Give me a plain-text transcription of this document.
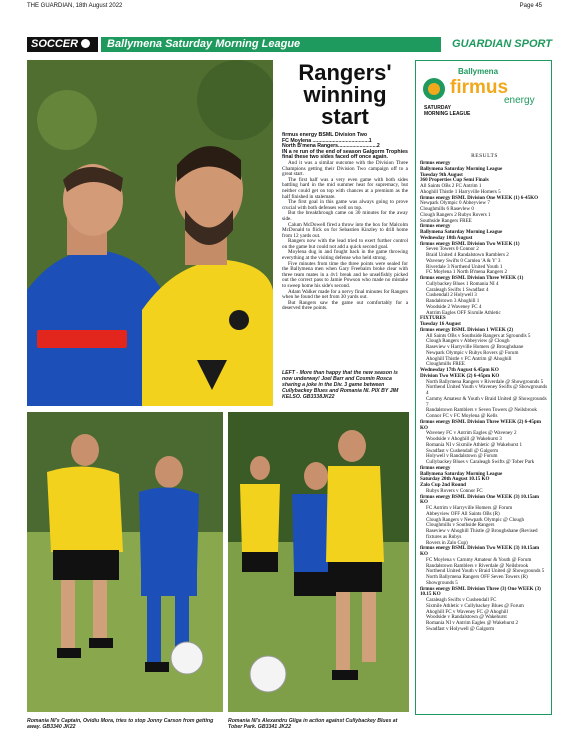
THE GUARDIAN, 18th August 2022	Page 45
SOCCER	Ballymena Saturday Morning League	GUARDIAN SPORT
Rangers' winning start

firmus energy BSML Division Two

FC Moylena .......................................1

North B'mena Rangers...........................2

IN a re run of the end of season Galgorm Trophies final these two sides faced off once again.

And it was a similar outcome with the Division Three Champions getting their Division Two campaign off to a great start.

The first half was a very even game with both sides battling hard in the mid summer heat for supremacy, but neither could get on top with chances at a premium as the half finished in stalemate.

The first goal in this game was always going to prove crucial with both defenses well on top.

But the breakthrough came on 30 minutes for the away side.

Calum McDowell fired a throw into the box for Malcolm McDonald to flick on for Sebastien Kinzley to drill home from 12 yards out.

Rangers now with the lead tried to exert further control on the game but could not add a quick second goal.

Moylena dug in and fought back in the game throwing everything at the visiting defense who held strong.

Five minutes from time the three points were sealed for the Ballymena men when Gary Freebairn broke clear with three team mates in a 4v1 break and he unselfishly picked out the correct pass to Jamie Powson who made no mistake to sweep home his side's second.

Adam Walker made for a nervy final minutes for Rangers when he found the net from 30 yards out.

But Rangers saw the game out comfortably for a deserved three points.

LEFT - More than happy that the new season is now underway! Joel Barr and Cosmin Rosca sharing a joke in the Div. 3 game between Cullybackey Blues and Romania NI. PIX BY JIM KELSO. GB3338JK22
Romania NI's Captain, Ovidiu Mora, tries to stop Jonny Carson from getting away. GB3340 JK22
Romania NI's Alexandru Gliga in action against Cullybackey Blues at Tober Park. GB3341 JK22
Ballymena
firmus
energy
SATURDAY
MORNING LEAGUE
RESULTS
firmus energy
Ballymena Saturday Morning League
Tuesday 9th August
360 Properties Cup Semi Finals
All Saints OBs 2 FC Antrim 1
Ahoghill Thistle 1 Harryville Homers 5
firmus energy BSML Division One WEEK (1) 6-45KO
Newpark Olympic 0 Abbeyview 7
Cloughmills 6 Rasevlew 0
Clough Rangers 2 Rubys Rovers 1
Southside Rangers FREE
firmus energy
Ballymena Saturday Morning League
Wednesday 10th August
firmus energy BSML Division Two WEEK (1)
Seven Towers 0 Connor 2
Braid United 4 Randalstown Ramblers 2
Waveney Swifts 0 Carnlea 'A & Y' 3
Riverdale 3 Northend United Youth 1
FC Moylena 1 North B'mena Rangers 2
firmus energy BSML Division Three WEEK (1)
Cullybackey Blues 1 Romania NI 4
Caraleagh Swifts 1 Swadfast 4
Cushendall 2 Holywell 3
Randalstown 3 Ahoghill 1
Woodside 2 Waveney FC 4
Antrim Eagles OFF Sixmile Athletic
FIXTURES
Tuesday 16 August
firmus energy BSML Division 1 WEEK (2)
All Saints OBs v Southside Rangers at Sgroundls 5
Clough Rangers v Abbeyview @ Clough
Raseview v Harryville Homers @ Broughshane
Newpark Olympic v Rubys Rovers @ Forum
Ahoghill Thistle v FC Antrim @ Ahoghill
Cloughmills FREE
Wednesday 17th August 6.45pm KO
Division Two WEEK (2) 6-45pm KO
North Ballymena Rangers v Riverdale @ Showgrounds 5
Northend United Youth v Waveney Swifts @ Showgrounds 4
Carnmy Amateur & Youth v Braid United @ Showgrounds 7
Randalstown Ramblers v Seven Towers @ Neilsbrook
Connor FC v FC Moylena @ Kells
firmus energy BSML Division Three WEEK (2) 6-45pm KO
Waveney FC v Antrim Eagles @ Waveney 2
Woodside v Ahoghill @ Wakehurst 3
Romania NI v Sixmile Athletic @ Wakehurst 1
Swadfast v Cushendall @ Galgorm
Holywell v Randalstown @ Forum
Cullybackey Blues v Caraleagh Swifts @ Tober Park
firmus energy
Ballymena Saturday Morning League
Saturday 20th August 10.15 KO
Zalo Cup 2nd Round
Rubys Rovers v Connor FC
firmus energy BSML Division One WEEK (3) 10.15am KO
FC Antrim v Harryville Homers @ Forum
Abbeyview OFF All Saints OBs (R)
Clough Rangers v Newpark Olympic @ Clough
Cloughmills v Southside Rangers
Raseview v Ahoghill Thistle @ Broughshane (Revised fixtures as Rubys
Rovers in Zalo Cup)
firmus energy BSML Division Two WEEK (3) 10.15am KO
FC Moylena v Carnmy Amateur & Youth @ Forum
Randalstown Ramblers v Riverdale @ Neilsbrook
Northend United Youth v Braid United @ Showgrounds 5
North Ballymena Rangers OFF Seven Towers (R) Showgrounds 5
firmus energy BSML Division Three (3) One WEEK (3) 10.15 KO
Caraleagh Swifts v Cushendall FC
Sixmile Athletic v Cullybackey Blues @ Forum
Ahoghill FC v Waveney FC @ Ahoghill
Woodside v Randalstown @ Wakehurst
Romania NI v Antrim Eagles @ Wakehurst 2
Swadfast v Holywell @ Galgorm
